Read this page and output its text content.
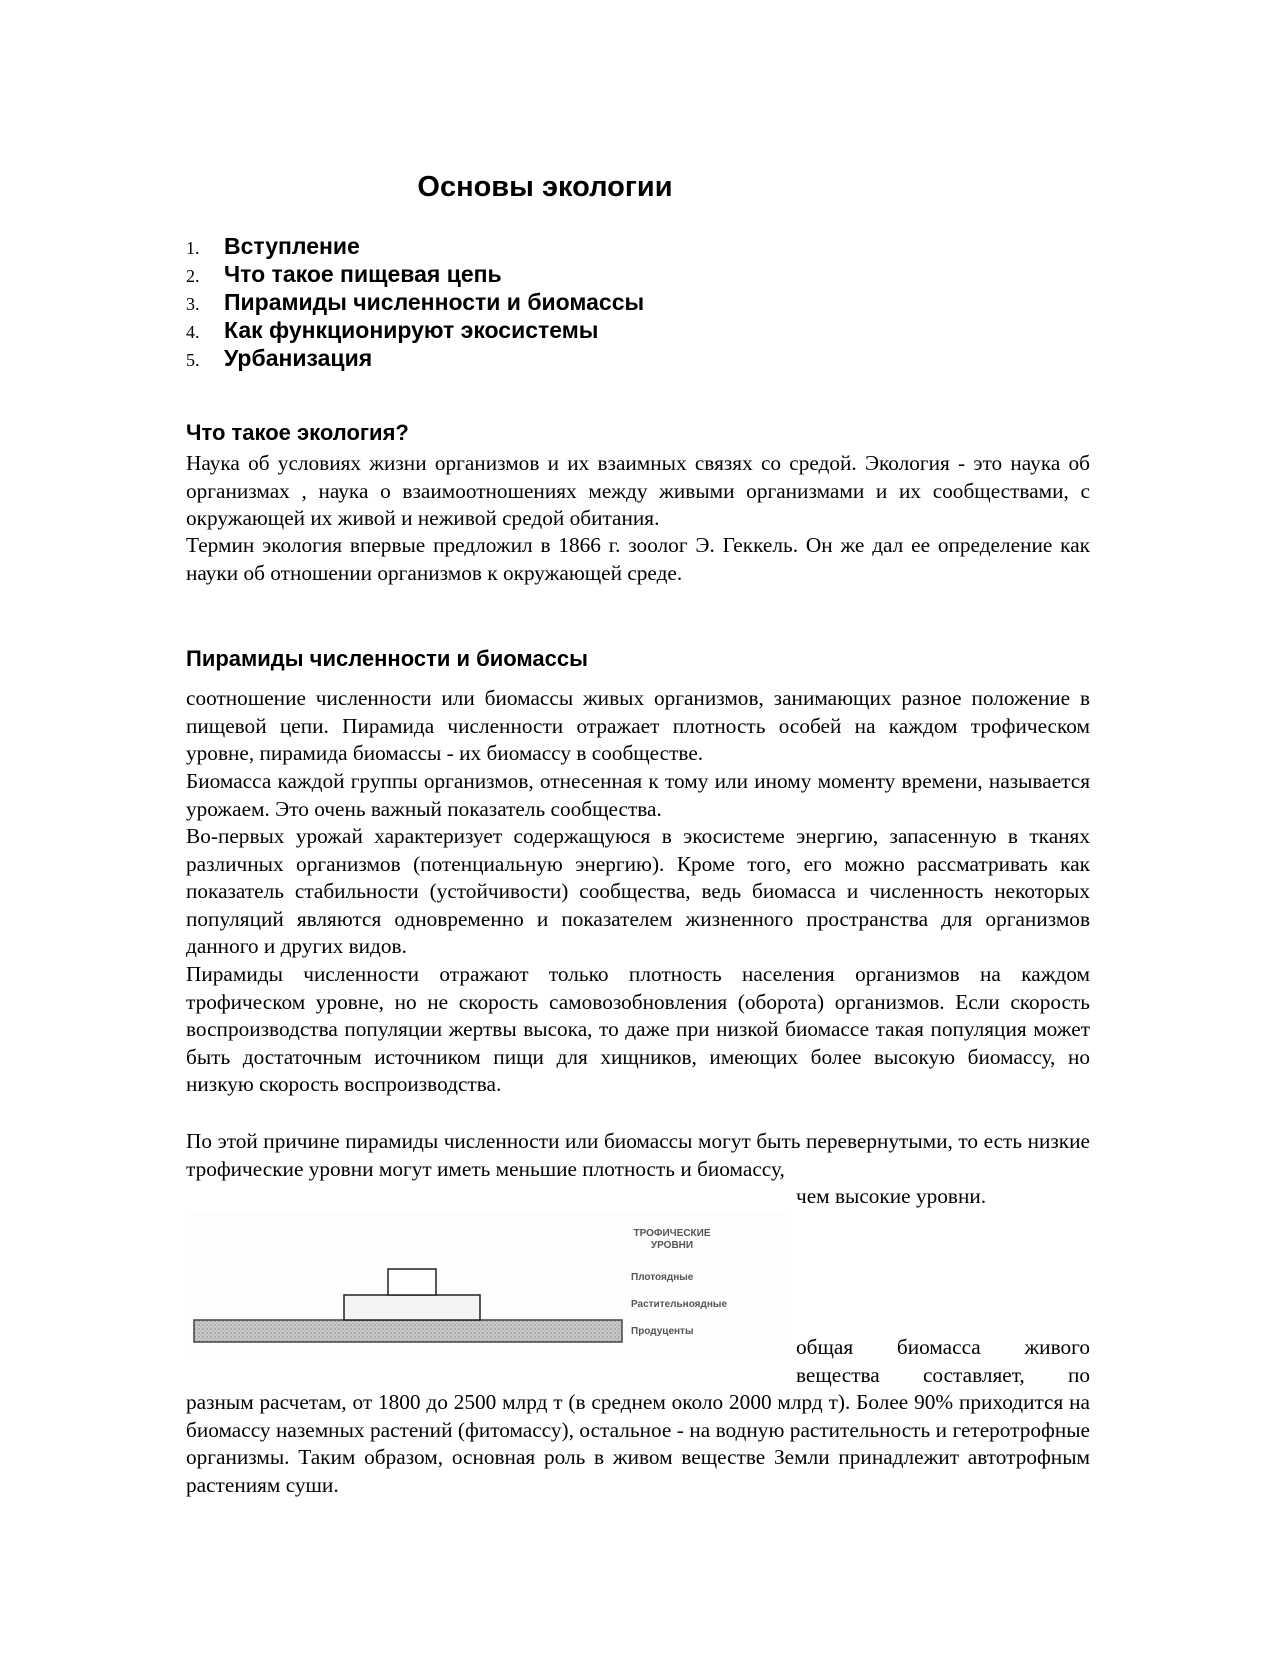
Основы экологии
1. Вступление
2. Что такое пищевая цепь
3. Пирамиды численности и биомассы
4. Как функционируют экосистемы
5. Урбанизация
Что такое экология?

Наука об условиях жизни организмов и их взаимных связях со средой. Экология - это наука об организмах , наука о взаимоотношениях между живыми организмами и их сообществами, с окружающей их живой и неживой средой обитания.

Термин экология впервые предложил в 1866 г. зоолог Э. Геккель. Он же дал ее определение как науки об отношении организмов к окружающей среде.

Пирамиды численности и биомассы

соотношение численности или биомассы живых организмов, занимающих разное положение в пищевой цепи. Пирамида численности отражает плотность особей на каждом трофическом уровне, пирамида биомассы - их биомассу в сообществе.

Биомасса каждой группы организмов, отнесенная к тому или иному моменту времени, называется урожаем. Это очень важный показатель сообщества.

Во-первых урожай характеризует содержащуюся в экосистеме энергию, запасенную в тканях различных организмов (потенциальную энергию). Кроме того, его можно рассматривать как показатель стабильности (устойчивости) сообщества, ведь биомасса и численность некоторых популяций являются одновременно и показателем жизненного пространства для организмов данного и других видов.

Пирамиды численности отражают только плотность населения организмов на каждом трофическом уровне, но не скорость самовозобновления (оборота) организмов. Если скорость воспроизводства популяции жертвы высока, то даже при низкой биомассе такая популяция может быть достаточным источником пищи для хищников, имеющих более высокую биомассу, но низкую скорость воспроизводства.

По этой причине пирамиды численности или биомассы могут быть перевернутыми, то есть низкие трофические уровни могут иметь меньшие плотность и биомассу,

чем высокие уровни.
ТРОФИЧЕСКИЕ
УРОВНИ
Плотоядные
Растительноядные
Продуценты
общая биомасса живого вещества составляет, по

разным расчетам, от 1800 до 2500 млрд т (в среднем около 2000 млрд т). Более 90% приходится на биомассу наземных растений (фитомассу), остальное - на водную растительность и гетеротрофные организмы. Таким образом, основная роль в живом веществе Земли принадлежит автотрофным растениям суши.
